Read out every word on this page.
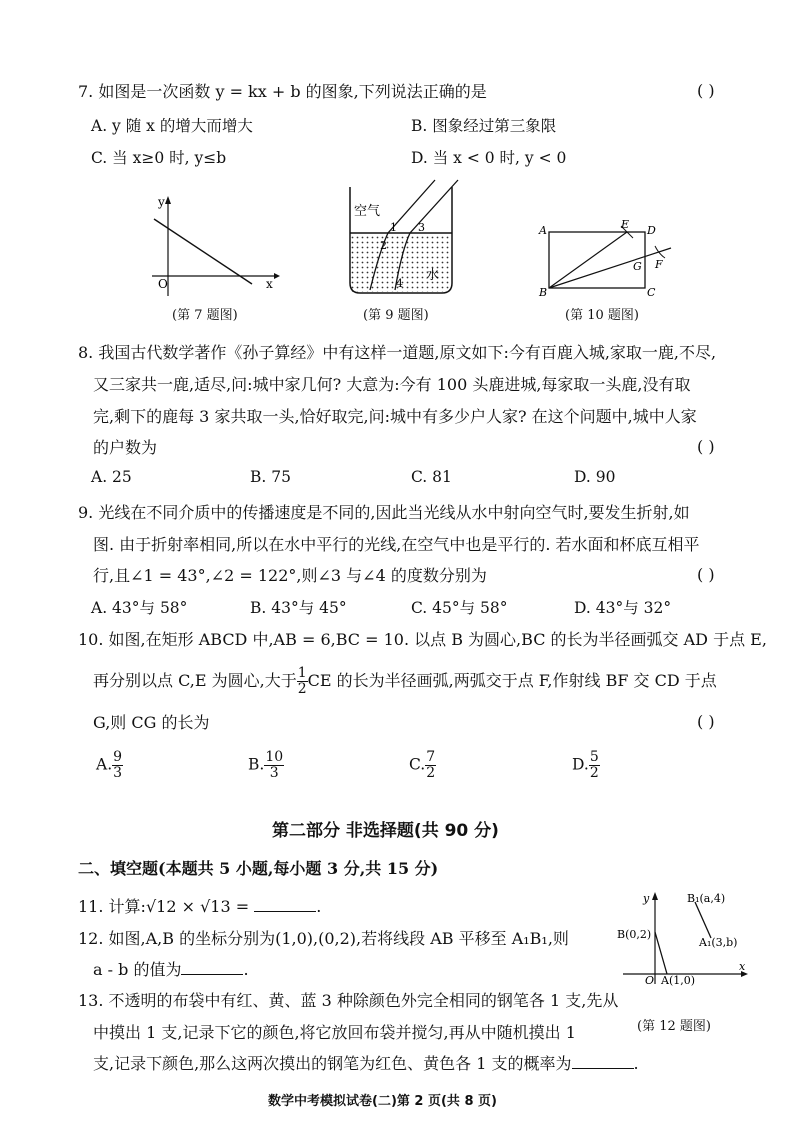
7. 如图是一次函数 y = kx + b 的图象,下列说法正确的是	( )
A. y 随 x 的增大而增大	B. 图象经过第三象限
C. 当 x≥0 时, y≤b	D. 当 x < 0 时, y < 0
y
x
O
(第 7 题图)
空气
水
1
2
3
4
(第 9 题图)
A
B	C
D
E
F
G
(第 10 题图)
8. 我国古代数学著作《孙子算经》中有这样一道题,原文如下:今有百鹿入城,家取一鹿,不尽,
又三家共一鹿,适尽,问:城中家几何? 大意为:今有 100 头鹿进城,每家取一头鹿,没有取
完,剩下的鹿每 3 家共取一头,恰好取完,问:城中有多少户人家? 在这个问题中,城中人家
的户数为	( )
A. 25	B. 75	C. 81	D. 90
9. 光线在不同介质中的传播速度是不同的,因此当光线从水中射向空气时,要发生折射,如
图. 由于折射率相同,所以在水中平行的光线,在空气中也是平行的. 若水面和杯底互相平
行,且∠1 = 43°,∠2 = 122°,则∠3 与∠4 的度数分别为	( )
A. 43°与 58°	B. 43°与 45°	C. 45°与 58°	D. 43°与 32°
10. 如图,在矩形 ABCD 中,AB = 6,BC = 10. 以点 B 为圆心,BC 的长为半径画弧交 AD 于点 E,
再分别以点 C,E 为圆心,大于 $\frac{1}{2}$ CE 的长为半径画弧,两弧交于点 F,作射线 BF 交 CD 于点
G,则 CG 的长为	( )
A. $\frac{9}{3}$	B. $\frac{10}{3}$	C. $\frac{7}{2}$	D. $\frac{5}{2}$
第二部分 非选择题(共 90 分)
二、填空题(本题共 5 小题,每小题 3 分,共 15 分)
11. 计算:√12 × √13 =	.
12. 如图,A,B 的坐标分别为(1,0),(0,2),若将线段 AB 平移至 A₁B₁,则
a - b 的值为	.
y
x
O
B(0,2)
A(1,0)
B₁(a,4)
A₁(3,b)
(第 12 题图)
13. 不透明的布袋中有红、黄、蓝 3 种除颜色外完全相同的钢笔各 1 支,先从
中摸出 1 支,记录下它的颜色,将它放回布袋并搅匀,再从中随机摸出 1
支,记录下颜色,那么这两次摸出的钢笔为红色、黄色各 1 支的概率为	.
数学中考模拟试卷(二)第 2 页(共 8 页)
